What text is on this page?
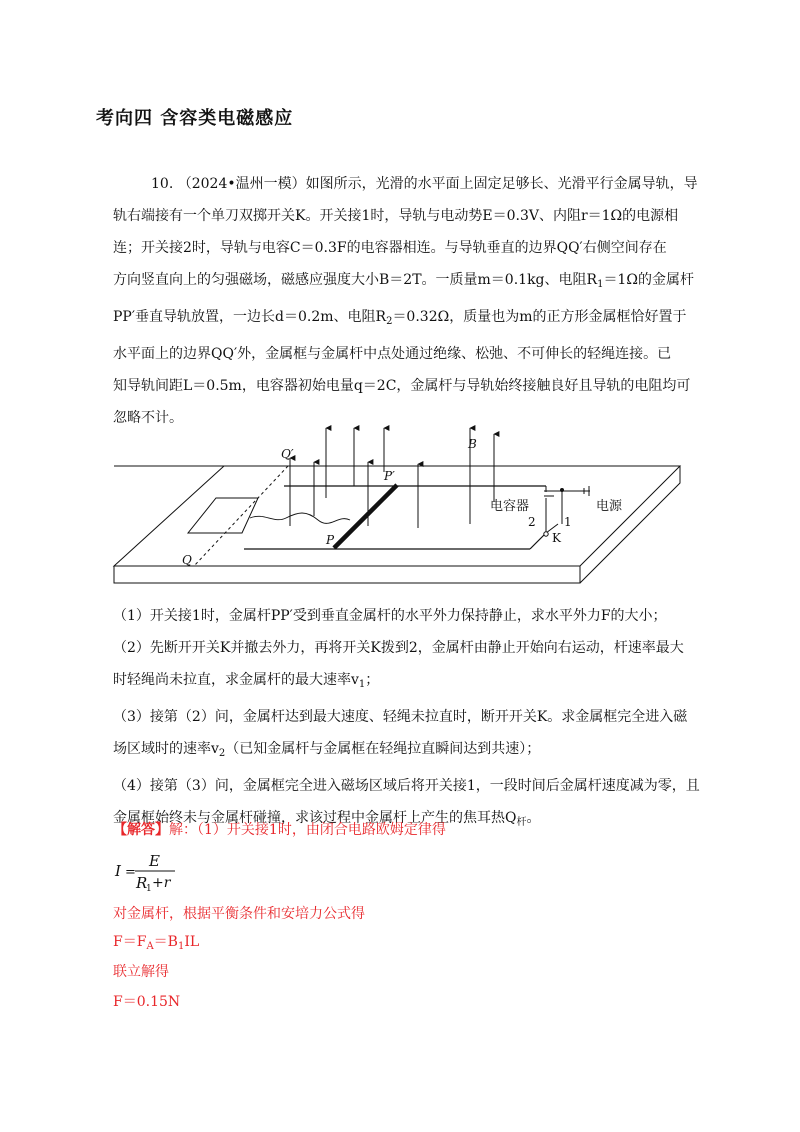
考向四 含容类电磁感应

10. （2024•温州一模）如图所示，光滑的水平面上固定足够长、光滑平行金属导轨，导
轨右端接有一个单刀双掷开关K。开关接1时，导轨与电动势E＝0.3V、内阻r＝1Ω的电源相
连；开关接2时，导轨与电容C＝0.3F的电容器相连。与导轨垂直的边界QQ′右侧空间存在
方向竖直向上的匀强磁场，磁感应强度大小B＝2T。一质量m＝0.1kg、电阻$R_1=1\Omega$的金属杆
PP′垂直导轨放置，一边长d＝0.2m、电阻$R_2=0.32\Omega$，质量也为m的正方形金属框恰好置于
水平面上的边界QQ′外，金属框与金属杆中点处通过绝缘、松弛、不可伸长的轻绳连接。已
知导轨间距L＝0.5m，电容器初始电量q＝2C，金属杆与导轨始终接触良好且导轨的电阻均可
忽略不计。

Q′
P′
B
P
Q
电容器	电源
2 1
K

（1）开关接1时，金属杆PP′受到垂直金属杆的水平外力保持静止，求水平外力F的大小；
（2）先断开开关K并撤去外力，再将开关K拨到2，金属杆由静止开始向右运动，杆速率最大
时轻绳尚未拉直，求金属杆的最大速率$v_1$；
（3）接第（2）问，金属杆达到最大速度、轻绳未拉直时，断开开关K。求金属框完全进入磁
场区域时的速率$v_2$（已知金属杆与金属框在轻绳拉直瞬间达到共速）；
（4）接第（3）问，金属框完全进入磁场区域后将开关接1，一段时间后金属杆速度减为零，且
金属框始终未与金属杆碰撞，求该过程中金属杆上产生的焦耳热$Q_杆$。

【解答】解：（1）开关接1时，由闭合电路欧姆定律得

I =
E
R
1 +r

对金属杆，根据平衡条件和安培力公式得

$F=F_A=B_1IL$

联立解得

F＝0.15N
